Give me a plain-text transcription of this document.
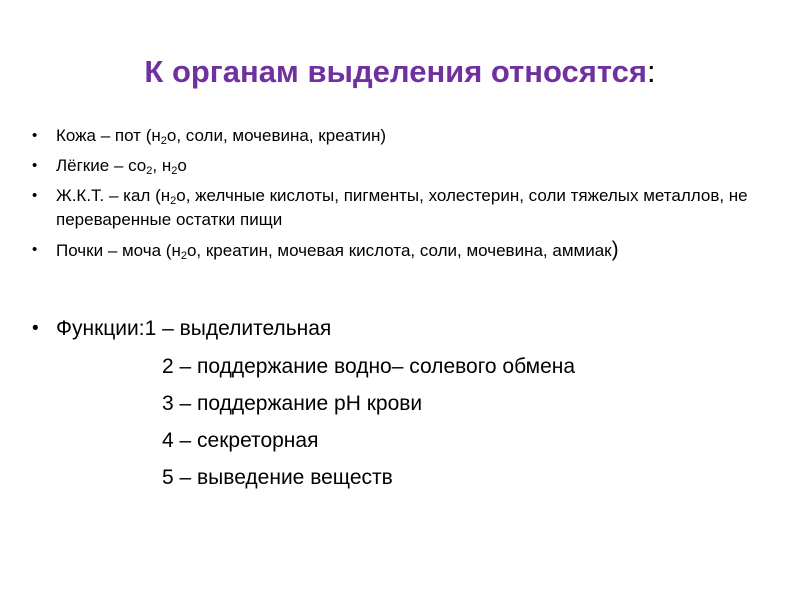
К органам выделения относятся:
• Кожа – пот ($н_2о$, соли, мочевина, креатин)
• Лёгкие – $со_2$, $н_2о$
• Ж.К.Т. – кал ($н_2о$, желчные кислоты, пигменты, холестерин, соли тяжелых металлов, не переваренные остатки пищи
• Почки – моча ($н_2о$, креатин, мочевая кислота, соли, мочевина, аммиак)
• Функции:1 – выделительная
2 – поддержание водно– солевого обмена
3 – поддержание рН крови
4 – секреторная
5 – выведение веществ
